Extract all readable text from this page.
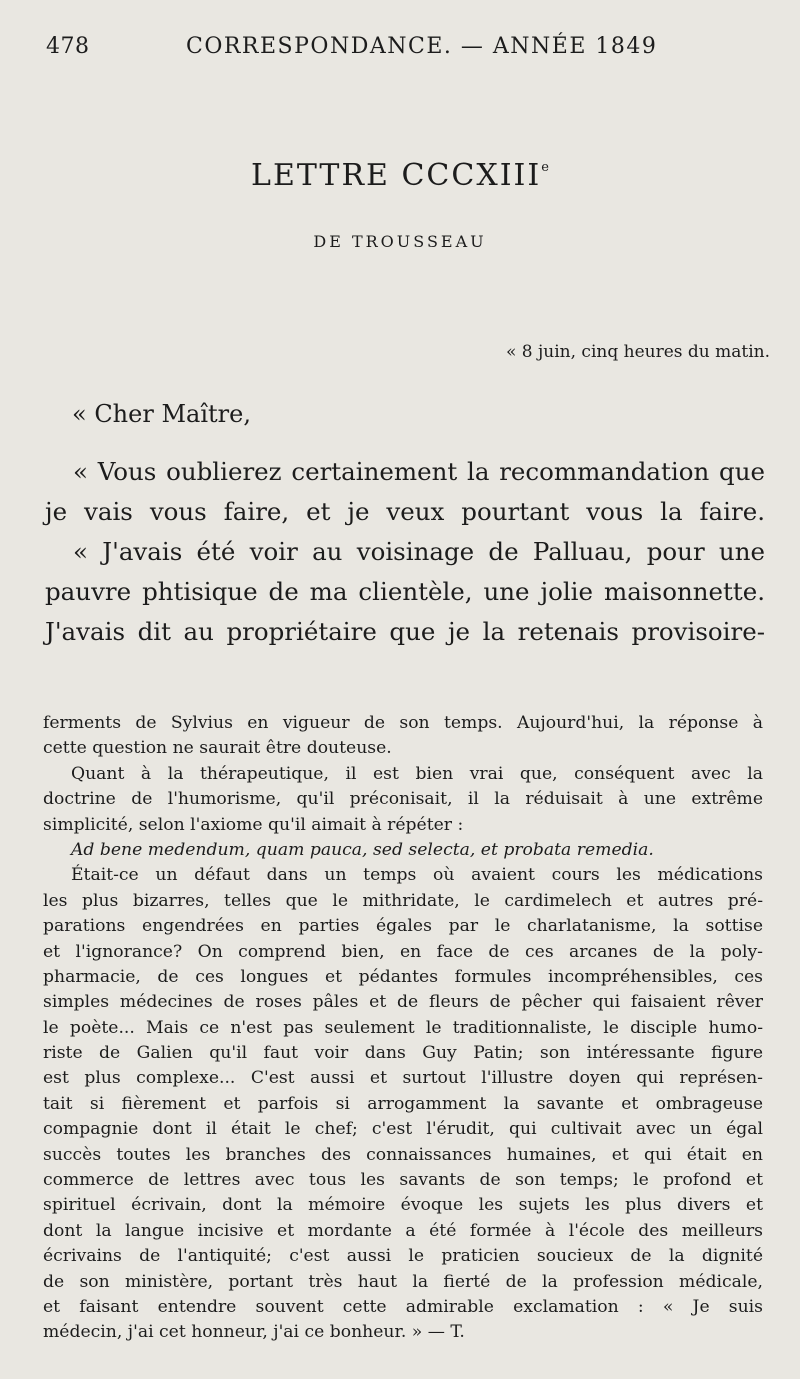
478	CORRESPONDANCE. — ANNÉE 1849
LETTRE CCCXIIIe
DE TROUSSEAU
« 8 juin, cinq heures du matin.
« Cher Maître,
« Vous oublierez certainement la recommandation que
je vais vous faire, et je veux pourtant vous la faire.
« J'avais été voir au voisinage de Palluau, pour une
pauvre phtisique de ma clientèle, une jolie maisonnette.
J'avais dit au propriétaire que je la retenais provisoire-
ferments de Sylvius en vigueur de son temps. Aujourd'hui, la réponse à
cette question ne saurait être douteuse.
Quant à la thérapeutique, il est bien vrai que, conséquent avec la
doctrine de l'humorisme, qu'il préconisait, il la réduisait à une extrême
simplicité, selon l'axiome qu'il aimait à répéter :
Ad bene medendum, quam pauca, sed selecta, et probata remedia.
Était-ce un défaut dans un temps où avaient cours les médications
les plus bizarres, telles que le mithridate, le cardimelech et autres pré-
parations engendrées en parties égales par le charlatanisme, la sottise
et l'ignorance? On comprend bien, en face de ces arcanes de la poly-
pharmacie, de ces longues et pédantes formules incompréhensibles, ces
simples médecines de roses pâles et de fleurs de pêcher qui faisaient rêver
le poète... Mais ce n'est pas seulement le traditionnaliste, le disciple humo-
riste de Galien qu'il faut voir dans Guy Patin; son intéressante figure
est plus complexe... C'est aussi et surtout l'illustre doyen qui représen-
tait si fièrement et parfois si arrogamment la savante et ombrageuse
compagnie dont il était le chef; c'est l'érudit, qui cultivait avec un égal
succès toutes les branches des connaissances humaines, et qui était en
commerce de lettres avec tous les savants de son temps; le profond et
spirituel écrivain, dont la mémoire évoque les sujets les plus divers et
dont la langue incisive et mordante a été formée à l'école des meilleurs
écrivains de l'antiquité; c'est aussi le praticien soucieux de la dignité
de son ministère, portant très haut la fierté de la profession médicale,
et faisant entendre souvent cette admirable exclamation : « Je suis
médecin, j'ai cet honneur, j'ai ce bonheur. » — T.
